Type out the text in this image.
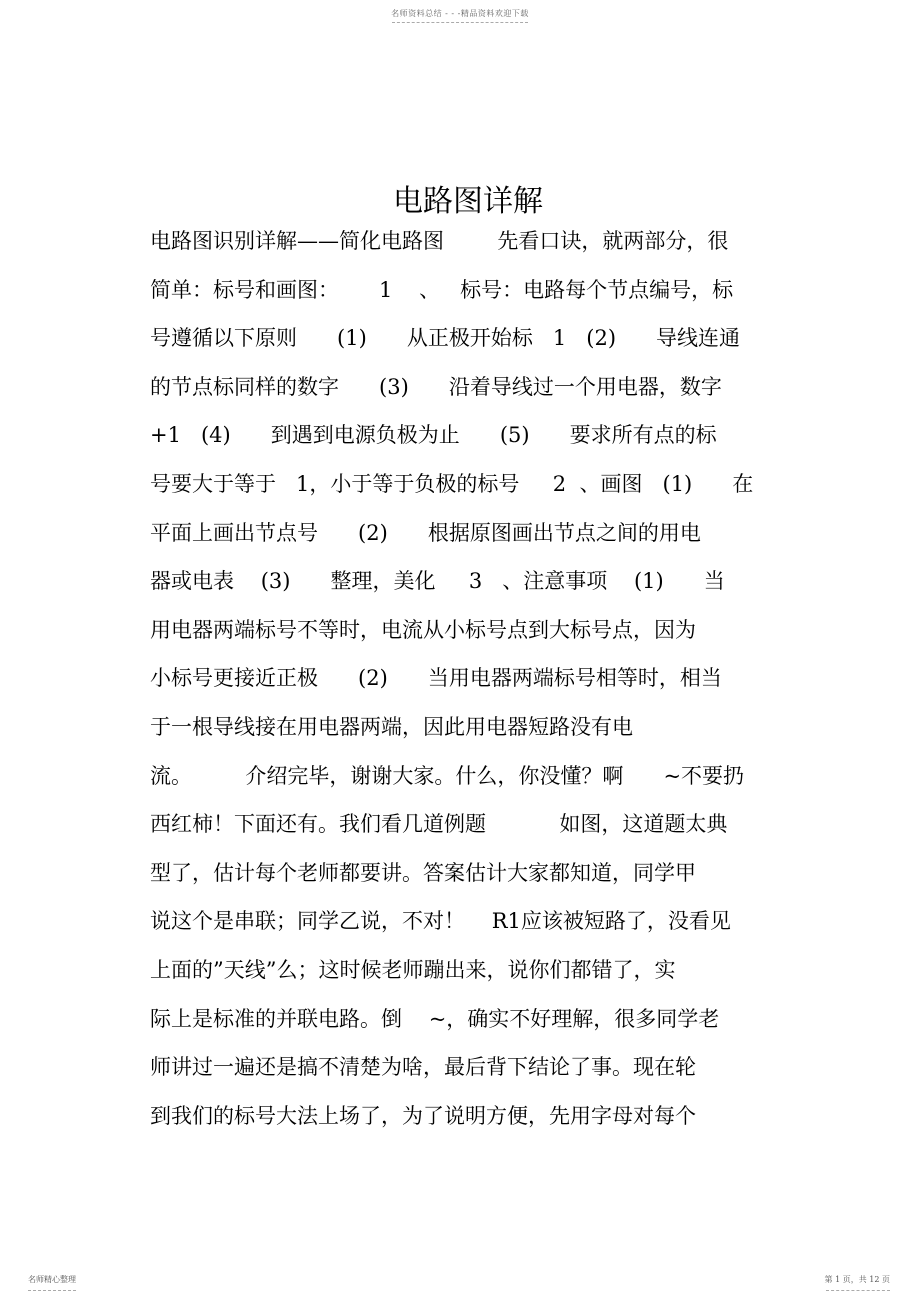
名师资料总结 - - -精品资料欢迎下载
电路图详解
电路图识别详解——简化电路图        先看口诀，就两部分，很
简单：标号和画图：      1    、   标号：电路每个节点编号，标
号遵循以下原则      (1)      从正极开始标   1   (2)      导线连通
的节点标同样的数字      (3)      沿着导线过一个用电器，数字
+1   (4)      到遇到电源负极为止      (5)      要求所有点的标
号要大于等于   1，小于等于负极的标号     2  、画图   (1)      在
平面上画出节点号      (2)      根据原图画出节点之间的用电
器或电表    (3)      整理，美化     3   、注意事项    (1)      当
用电器两端标号不等时，电流从小标号点到大标号点，因为
小标号更接近正极      (2)      当用电器两端标号相等时，相当
于一根导线接在用电器两端，因此用电器短路没有电
流。        介绍完毕，谢谢大家。什么，你没懂？啊      ~不要扔
西红柿！下面还有。我们看几道例题           如图，这道题太典
型了，估计每个老师都要讲。答案估计大家都知道，同学甲
说这个是串联；同学乙说，不对！    R1应该被短路了，没看见
上面的”天线”么；这时候老师蹦出来，说你们都错了，实
际上是标准的并联电路。倒    ~，确实不好理解，很多同学老
师讲过一遍还是搞不清楚为啥，最后背下结论了事。现在轮
到我们的标号大法上场了，为了说明方便，先用字母对每个
名师精心整理	第 1 页，共 12 页
